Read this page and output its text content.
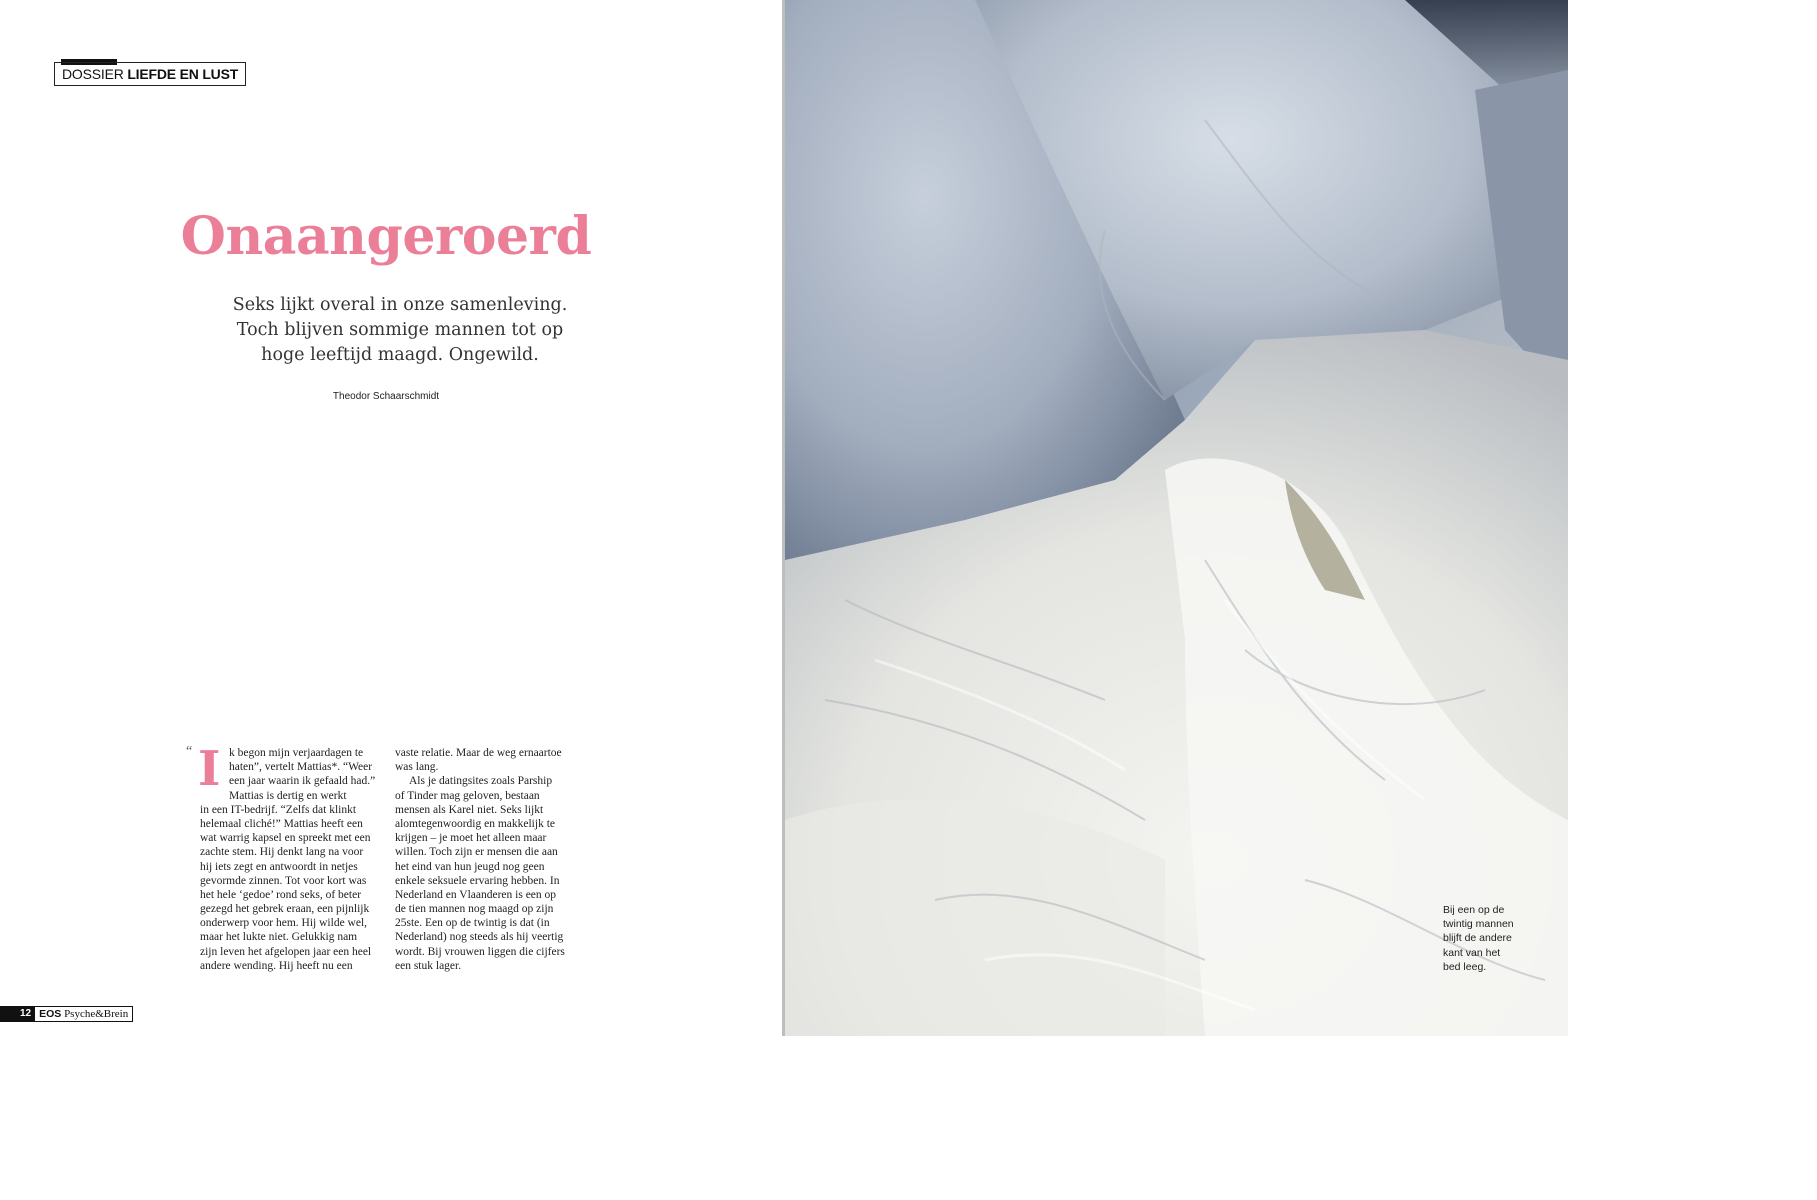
DOSSIER LIEFDE EN LUST
Onaangeroerd
Seks lijkt overal in onze samenleving.
Toch blijven sommige mannen tot op
hoge leeftijd maagd. Ongewild.
Theodor Schaarschmidt
“ I k begon mijn verjaardagen te
haten”, vertelt Mattias*. “Weer
een jaar waarin ik gefaald had.”
Mattias is dertig en werkt
in een IT-bedrijf. “Zelfs dat klinkt
helemaal cliché!” Mattias heeft een
wat warrig kapsel en spreekt met een
zachte stem. Hij denkt lang na voor
hij iets zegt en antwoordt in netjes
gevormde zinnen. Tot voor kort was
het hele ‘gedoe’ rond seks, of beter
gezegd het gebrek eraan, een pijnlijk
onderwerp voor hem. Hij wilde wel,
maar het lukte niet. Gelukkig nam
zijn leven het afgelopen jaar een heel
andere wending. Hij heeft nu een
vaste relatie. Maar de weg ernaartoe
was lang.
Als je datingsites zoals Parship
of Tinder mag geloven, bestaan
mensen als Karel niet. Seks lijkt
alomtegenwoordig en makkelijk te
krijgen – je moet het alleen maar
willen. Toch zijn er mensen die aan
het eind van hun jeugd nog geen
enkele seksuele ervaring hebben. In
Nederland en Vlaanderen is een op
de tien mannen nog maagd op zijn
25ste. Een op de twintig is dat (in
Nederland) nog steeds als hij veertig
wordt. Bij vrouwen liggen die cijfers
een stuk lager.
12 EOS Psyche&Brein
Bij een op de
twintig mannen
blijft de andere
kant van het
bed leeg.
